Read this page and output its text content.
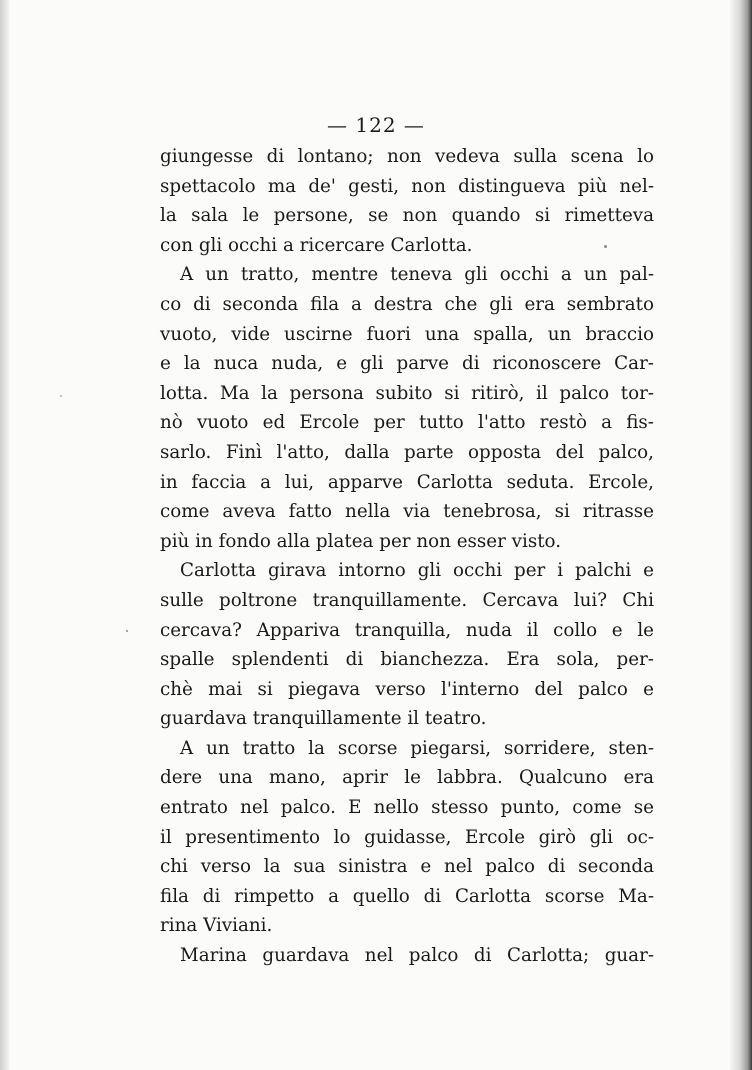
— 122 —
giungesse di lontano; non vedeva sulla scena lo
spettacolo ma de' gesti, non distingueva più nel-
la sala le persone, se non quando si rimetteva
con gli occhi a ricercare Carlotta.
A un tratto, mentre teneva gli occhi a un pal-
co di seconda fila a destra che gli era sembrato
vuoto, vide uscirne fuori una spalla, un braccio
e la nuca nuda, e gli parve di riconoscere Car-
lotta. Ma la persona subito si ritirò, il palco tor-
nò vuoto ed Ercole per tutto l'atto restò a fis-
sarlo. Finì l'atto, dalla parte opposta del palco,
in faccia a lui, apparve Carlotta seduta. Ercole,
come aveva fatto nella via tenebrosa, si ritrasse
più in fondo alla platea per non esser visto.
Carlotta girava intorno gli occhi per i palchi e
sulle poltrone tranquillamente. Cercava lui? Chi
cercava? Appariva tranquilla, nuda il collo e le
spalle splendenti di bianchezza. Era sola, per-
chè mai si piegava verso l'interno del palco e
guardava tranquillamente il teatro.
A un tratto la scorse piegarsi, sorridere, sten-
dere una mano, aprir le labbra. Qualcuno era
entrato nel palco. E nello stesso punto, come se
il presentimento lo guidasse, Ercole girò gli oc-
chi verso la sua sinistra e nel palco di seconda
fila di rimpetto a quello di Carlotta scorse Ma-
rina Viviani.
Marina guardava nel palco di Carlotta; guar-
